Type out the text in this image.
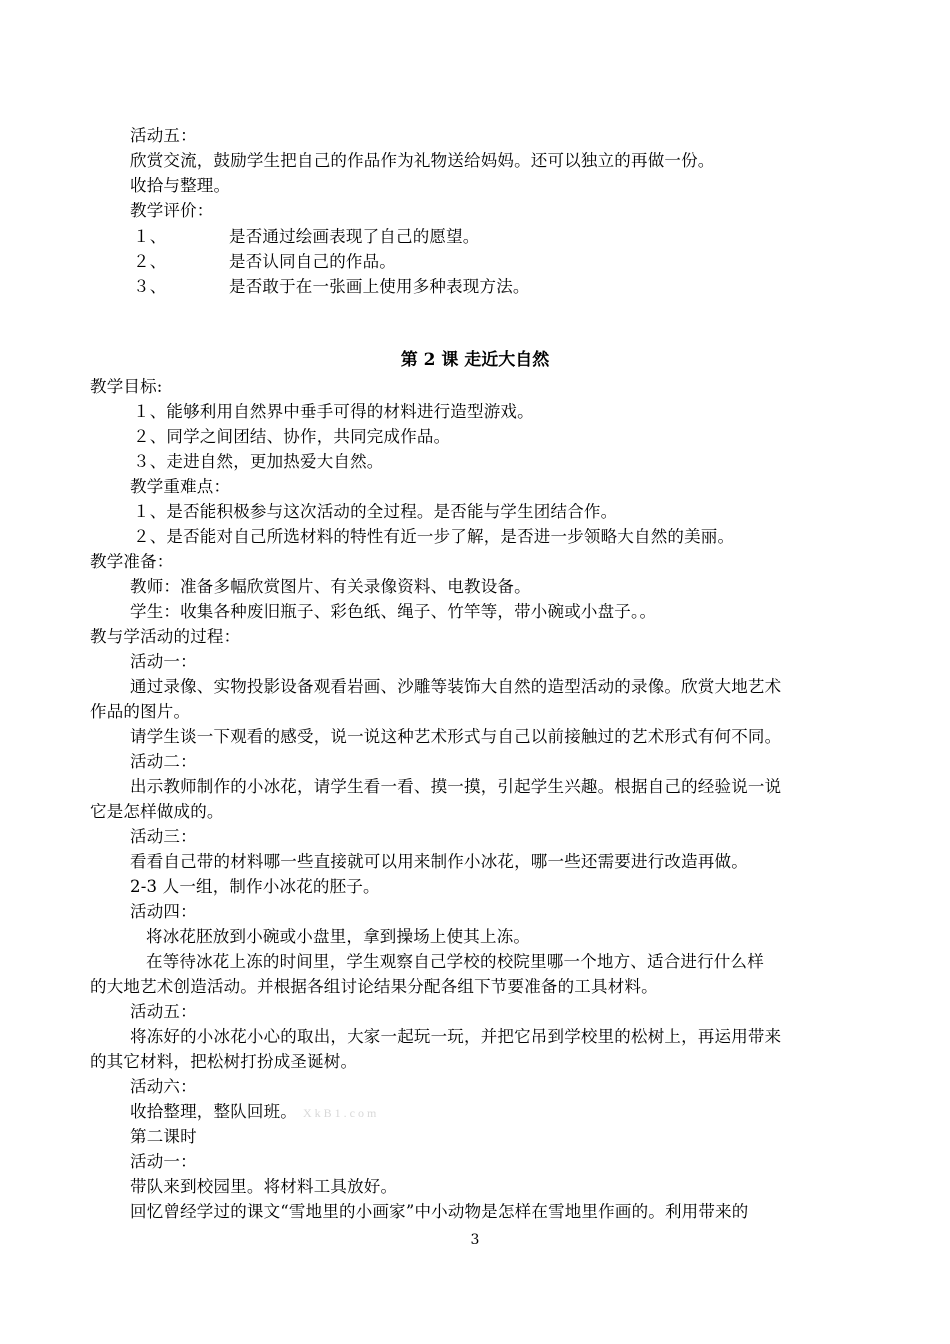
活动五：
欣赏交流，鼓励学生把自己的作品作为礼物送给妈妈。还可以独立的再做一份。
收拾与整理。
教学评价：
１、	是否通过绘画表现了自己的愿望。
２、	是否认同自己的作品。
３、	是否敢于在一张画上使用多种表现方法。
第 2 课 走近大自然
教学目标:
１、能够利用自然界中垂手可得的材料进行造型游戏。
２、同学之间团结、协作，共同完成作品。
３、走进自然，更加热爱大自然。
教学重难点：
１、是否能积极参与这次活动的全过程。是否能与学生团结合作。
２、是否能对自己所选材料的特性有近一步了解，是否进一步领略大自然的美丽。
教学准备：
教师：准备多幅欣赏图片、有关录像资料、电教设备。
学生：收集各种废旧瓶子、彩色纸、绳子、竹竿等，带小碗或小盘子。。
教与学活动的过程：
活动一：
通过录像、实物投影设备观看岩画、沙雕等装饰大自然的造型活动的录像。欣赏大地艺术
作品的图片。
请学生谈一下观看的感受，说一说这种艺术形式与自己以前接触过的艺术形式有何不同。
活动二：
出示教师制作的小冰花，请学生看一看、摸一摸，引起学生兴趣。根据自己的经验说一说
它是怎样做成的。
活动三：
看看自己带的材料哪一些直接就可以用来制作小冰花，哪一些还需要进行改造再做。
2-3 人一组，制作小冰花的胚子。
活动四：
将冰花胚放到小碗或小盘里，拿到操场上使其上冻。
在等待冰花上冻的时间里，学生观察自己学校的校院里哪一个地方、适合进行什么样
的大地艺术创造活动。并根据各组讨论结果分配各组下节要准备的工具材料。
活动五：
将冻好的小冰花小心的取出，大家一起玩一玩，并把它吊到学校里的松树上，再运用带来
的其它材料，把松树打扮成圣诞树。
活动六：
收拾整理，整队回班。 XkB1.com
第二课时
活动一：
带队来到校园里。将材料工具放好。
回忆曾经学过的课文“雪地里的小画家”中小动物是怎样在雪地里作画的。利用带来的
3
